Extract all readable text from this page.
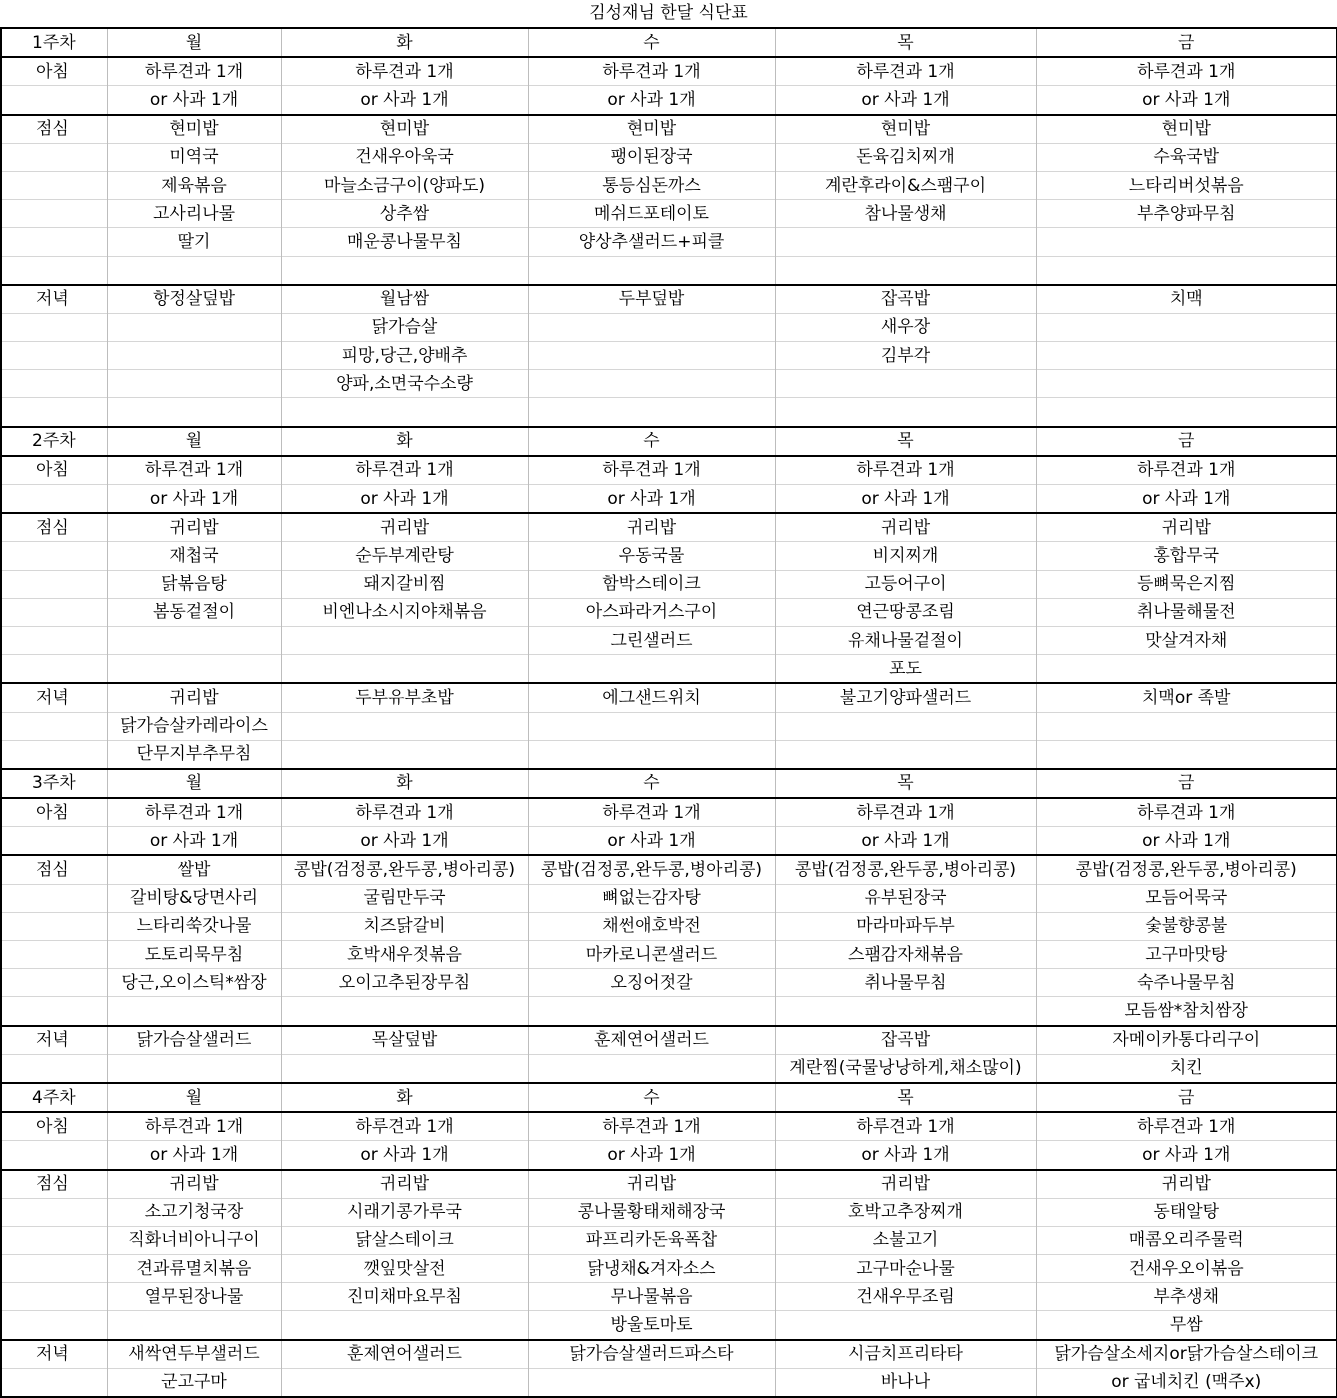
김성재님 한달 식단표
1주차	월	화	수	목	금
아침	하루견과 1개	하루견과 1개	하루견과 1개	하루견과 1개	하루견과 1개
	or 사과 1개	or 사과 1개	or 사과 1개	or 사과 1개	or 사과 1개
점심	현미밥	현미밥	현미밥	현미밥	현미밥
	미역국	건새우아욱국	팽이된장국	돈육김치찌개	수육국밥
	제육볶음	마늘소금구이(양파도)	통등심돈까스	계란후라이&스팸구이	느타리버섯볶음
	고사리나물	상추쌈	메쉬드포테이토	참나물생채	부추양파무침
	딸기	매운콩나물무침	양상추샐러드+피클		

저녁	항정살덮밥	월남쌈	두부덮밥	잡곡밥	치맥
		닭가슴살		새우장	
		피망,당근,양배추		김부각	
		양파,소면국수소량			

2주차	월	화	수	목	금
아침	하루견과 1개	하루견과 1개	하루견과 1개	하루견과 1개	하루견과 1개
	or 사과 1개	or 사과 1개	or 사과 1개	or 사과 1개	or 사과 1개
점심	귀리밥	귀리밥	귀리밥	귀리밥	귀리밥
	재첩국	순두부계란탕	우동국물	비지찌개	홍합무국
	닭볶음탕	돼지갈비찜	함박스테이크	고등어구이	등뼈묵은지찜
	봄동겉절이	비엔나소시지야채볶음	아스파라거스구이	연근땅콩조림	취나물해물전
			그린샐러드	유채나물겉절이	맛살겨자채
				포도	
저녁	귀리밥	두부유부초밥	에그샌드위치	불고기양파샐러드	치맥or 족발
	닭가슴살카레라이스				
	단무지부추무침				
3주차	월	화	수	목	금
아침	하루견과 1개	하루견과 1개	하루견과 1개	하루견과 1개	하루견과 1개
	or 사과 1개	or 사과 1개	or 사과 1개	or 사과 1개	or 사과 1개
점심	쌀밥	콩밥(검정콩,완두콩,병아리콩)	콩밥(검정콩,완두콩,병아리콩)	콩밥(검정콩,완두콩,병아리콩)	콩밥(검정콩,완두콩,병아리콩)
	갈비탕&당면사리	굴림만두국	뼈없는감자탕	유부된장국	모듬어묵국
	느타리쑥갓나물	치즈닭갈비	채썬애호박전	마라마파두부	숯불향콩불
	도토리묵무침	호박새우젓볶음	마카로니콘샐러드	스팸감자채볶음	고구마맛탕
	당근,오이스틱*쌈장	오이고추된장무침	오징어젓갈	취나물무침	숙주나물무침
					모듬쌈*참치쌈장
저녁	닭가슴살샐러드	목살덮밥	훈제연어샐러드	잡곡밥	자메이카통다리구이
				계란찜(국물낭낭하게,채소많이)	치킨
4주차	월	화	수	목	금
아침	하루견과 1개	하루견과 1개	하루견과 1개	하루견과 1개	하루견과 1개
	or 사과 1개	or 사과 1개	or 사과 1개	or 사과 1개	or 사과 1개
점심	귀리밥	귀리밥	귀리밥	귀리밥	귀리밥
	소고기청국장	시래기콩가루국	콩나물황태채해장국	호박고추장찌개	동태알탕
	직화너비아니구이	닭살스테이크	파프리카돈육폭찹	소불고기	매콤오리주물럭
	견과류멸치볶음	깻잎맛살전	닭냉채&겨자소스	고구마순나물	건새우오이볶음
	열무된장나물	진미채마요무침	무나물볶음	건새우무조림	부추생채
			방울토마토		무쌈
저녁	새싹연두부샐러드	훈제연어샐러드	닭가슴살샐러드파스타	시금치프리타타	닭가슴살소세지or닭가슴살스테이크
	군고구마			바나나	or 굽네치킨 (맥주x)
